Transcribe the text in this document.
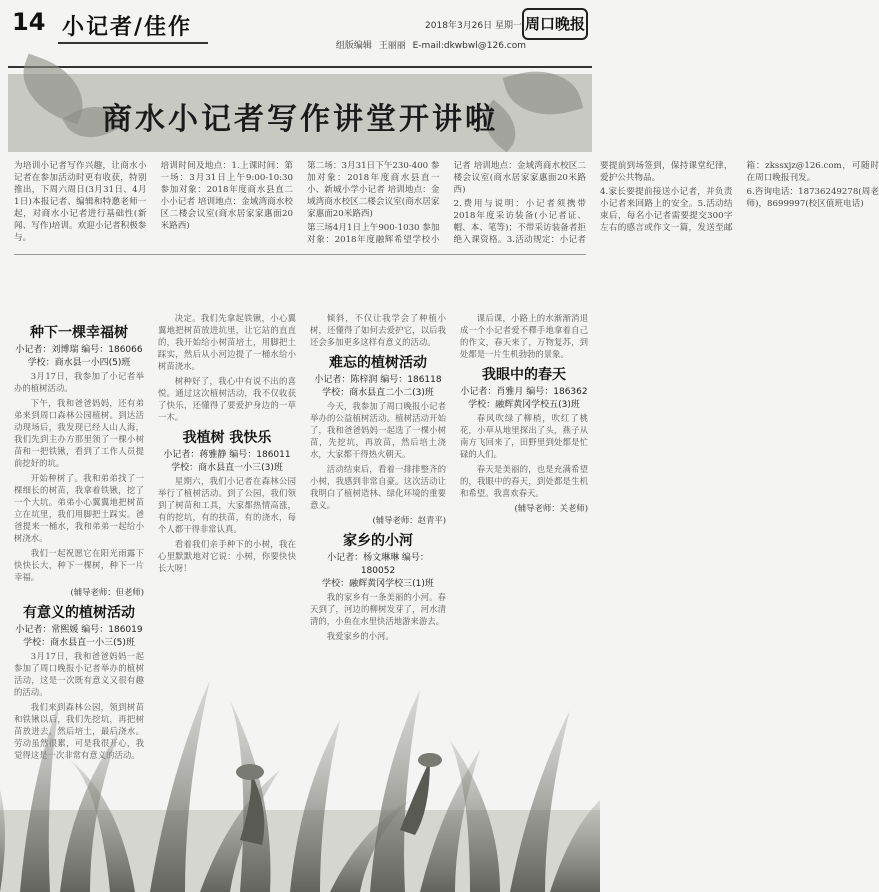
14 小记者/佳作	2018年3月26日 星期一
组版编辑 王丽丽 E-mail:dkwbwl@126.com
周口晚报
商水小记者写作讲堂开讲啦

为培训小记者写作兴趣，让商水小记者在参加活动时更有收获，特别推出，下周六周日(3月31日、4月1日)本报记者、编辑和特邀老师一起，对商水小记者进行基础性(新闻、写作)培训。欢迎小记者积极参与。

培训时间及地点：1.上课时间：第一场：3月31日上午9:00-10:30 参加对象：2018年度商水县直二小小记者 培训地点：金域湾商水校区二楼会议室(商水居家家惠面20米路西)

第二场：3月31日下午230-400 参加对象：2018年度商水县直一小、新城小学小记者 培训地点：金域湾商水校区二楼会议室(商水居家家惠面20米路西)

第三场4月1日上午900-1030 参加对象：2018年度融辉希望学校小记者 培训地点：金域湾商水校区二楼会议室(商水居家家惠面20米路西)

2.费用与说明：小记者须携带2018年度采访装备(小记者证、帽、本、笔等)；不带采访装备者拒绝入课资格。3.活动规定：小记者要提前到场签到，保持课堂纪律，爱护公共物品。

4.家长要提前接送小记者，并负责小记者来回路上的安全。5.活动结束后，每名小记者需要提交300字左右的感言或作文一篇，发送至邮箱：zkssxjz@126.com，可随时在周口晚报刊发。

6.咨询电话：18736249278(周老师)，8699997(校区值班电话)

种下一棵幸福树

小记者：刘博瑞 编号：186066

学校：商水县一小四(5)班

3月17日，我参加了小记者举办的植树活动。

下午，我和爸爸妈妈，还有弟弟来到周口森林公园植树。到达活动现场后，我发现已经人山人海，我们先到主办方那里领了一棵小树苗和一把铁锹，看到了工作人员提前挖好的坑。

开始种树了。我和弟弟找了一棵细长的树苗，我拿着铁锹，挖了一个大坑。弟弟小心翼翼地把树苗立在坑里，我们用脚把土踩实。爸爸提来一桶水，我和弟弟一起给小树浇水。

我们一起祝愿它在阳光雨露下快快长大，种下一棵树，种下一片幸福。

(辅导老师：但老师)

有意义的植树活动

小记者：常熙媛 编号：186019

学校：商水县直一小三(5)班

3月17日，我和爸爸妈妈一起参加了周口晚报小记者举办的植树活动，这是一次既有意义又很有趣的活动。

我们来到森林公园，领到树苗和铁锹以后，我们先挖坑，再把树苗放进去，然后培土，最后浇水。劳动虽然很累，可是我很开心，我觉得这是一次非常有意义的活动。

决定。我们先拿起铁锹，小心翼翼地把树苗放进坑里，让它站的直直的，我开始给小树苗培土，用脚把土踩实，然后从小河边提了一桶水给小树苗浇水。

树种好了，我心中有说不出的喜悦。通过这次植树活动，我不仅收获了快乐，还懂得了要爱护身边的一草一木。

我植树 我快乐

小记者：蒋雅静 编号：186011

学校：商水县直一小三(3)班

星期六，我们小记者在森林公园举行了植树活动。到了公园，我们领到了树苗和工具，大家都热情高涨，有的挖坑，有的扶苗，有的浇水，每个人都干得非常认真。

看着我们亲手种下的小树，我在心里默默地对它说：小树，你要快快长大呀！

倾斜，不仅让我学会了种植小树，还懂得了如何去爱护它，以后我还会多加更多这样有意义的活动。

难忘的植树活动

小记者：陈梓润 编号：186118

学校：商水县直二小二(3)班

今天，我参加了周口晚报小记者举办的公益植树活动。植树活动开始了，我和爸爸妈妈一起选了一棵小树苗，先挖坑，再放苗，然后培土浇水，大家都干得热火朝天。

活动结束后，看着一排排整齐的小树，我感到非常自豪。这次活动让我明白了植树造林、绿化环境的重要意义。

(辅导老师：赵青平)

家乡的小河

小记者：杨文琳琳 编号：180052

学校：融辉黄冈学校三(1)班

我的家乡有一条美丽的小河。春天到了，河边的柳树发芽了，河水清清的，小鱼在水里快活地游来游去。

我爱家乡的小河。

课后课，小路上的水渐渐消退成一个小记者爱不釋手地拿着自己的作文，春天来了，万物复苏，到处都是一片生机勃勃的景象。

我眼中的春天

小记者：肖雅月 编号：186362

学校：融辉黄冈学校五(3)班

春风吹绿了柳梢，吹红了桃花，小草从地里探出了头，燕子从南方飞回来了，田野里到处都是忙碌的人们。

春天是美丽的，也是充满希望的，我眼中的春天，到处都是生机和希望。我喜欢春天。

(辅导老师：关老师)
